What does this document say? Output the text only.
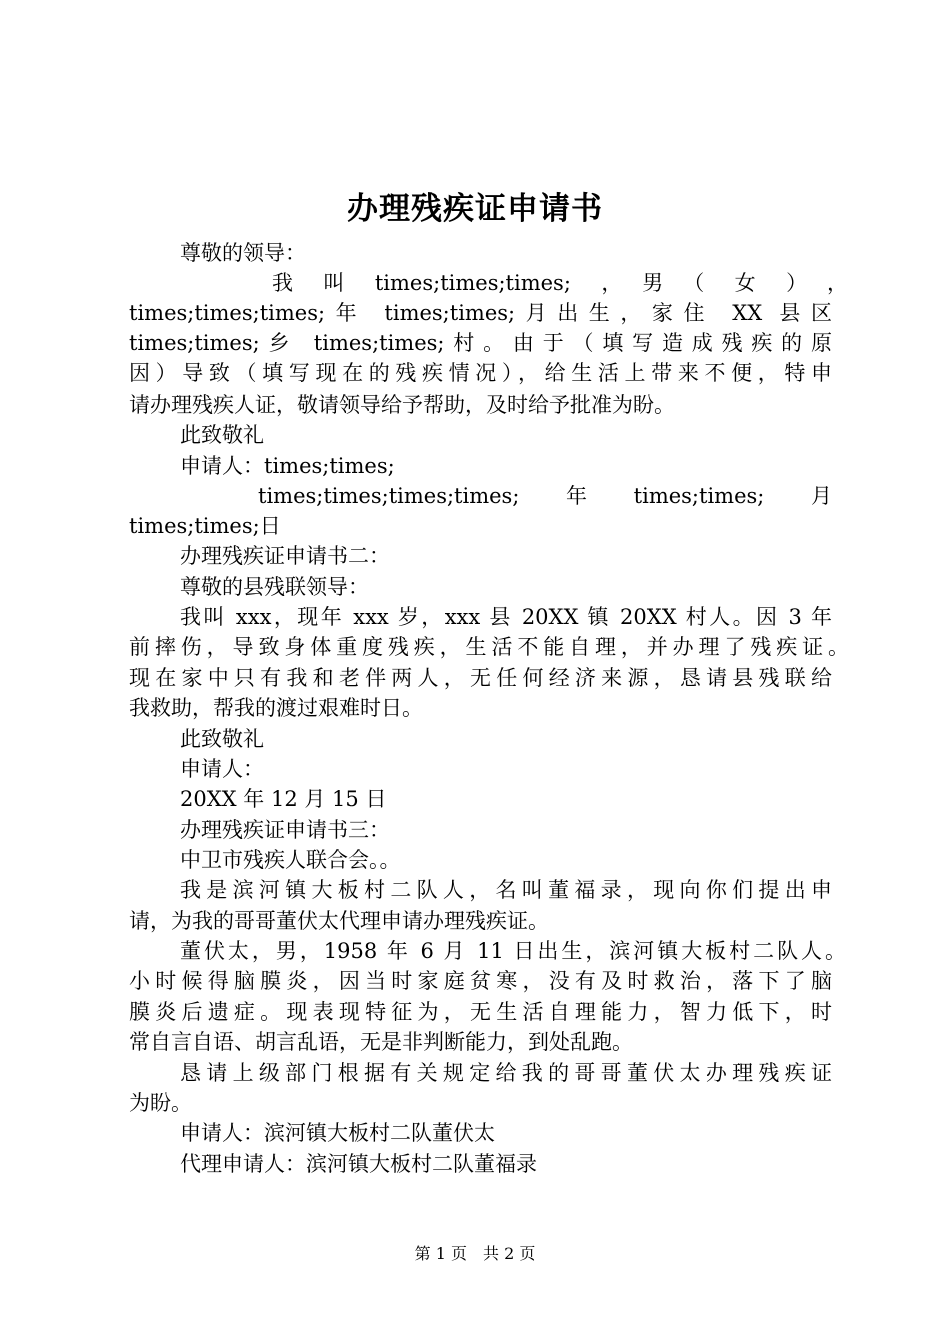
办理残疾证申请书
尊敬的领导：
我　叫　times;times;times;　，　男　（　女　）　，
times;times;times;年 times;times;月出生，家住 XX 县区
times;times;乡 times;times;村。由于（填写造成残疾的原
因）导致（填写现在的残疾情况），给生活上带来不便，特申
请办理残疾人证，敬请领导给予帮助，及时给予批准为盼。
此致敬礼
申请人：times;times;
times;times;times;times;　年　times;times;　月
times;times;日
办理残疾证申请书二：
尊敬的县残联领导：
我叫 xxx，现年 xxx 岁，xxx 县 20XX 镇 20XX 村人。因 3 年
前摔伤，导致身体重度残疾，生活不能自理，并办理了残疾证。
现在家中只有我和老伴两人，无任何经济来源，恳请县残联给
我救助，帮我的渡过艰难时日。
此致敬礼
申请人：
20XX 年 12 月 15 日
办理残疾证申请书三：
中卫市残疾人联合会。。
我是滨河镇大板村二队人，名叫董福录，现向你们提出申
请，为我的哥哥董伏太代理申请办理残疾证。
董伏太，男，1958 年 6 月 11 日出生，滨河镇大板村二队人。
小时候得脑膜炎，因当时家庭贫寒，没有及时救治，落下了脑
膜炎后遗症。现表现特征为，无生活自理能力，智力低下，时
常自言自语、胡言乱语，无是非判断能力，到处乱跑。
恳请上级部门根据有关规定给我的哥哥董伏太办理残疾证
为盼。
申请人：滨河镇大板村二队董伏太
代理申请人：滨河镇大板村二队董福录
第 1 页　共 2 页
